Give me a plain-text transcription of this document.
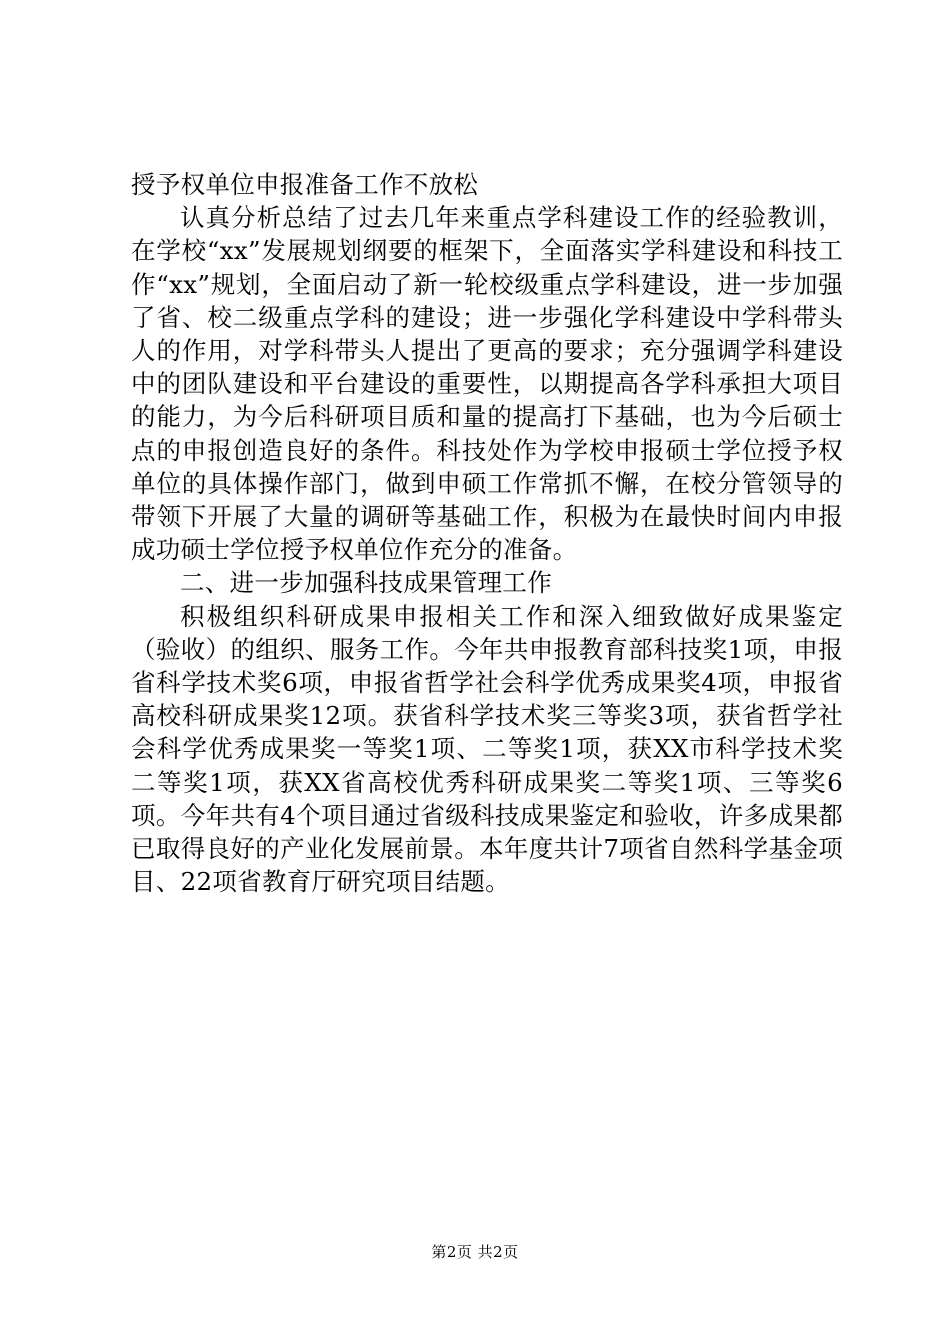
授予权单位申报准备工作不放松

认真分析总结了过去几年来重点学科建设工作的经验教训，在学校“xx”发展规划纲要的框架下，全面落实学科建设和科技工作“xx”规划，全面启动了新一轮校级重点学科建设，进一步加强了省、校二级重点学科的建设；进一步强化学科建设中学科带头人的作用，对学科带头人提出了更高的要求；充分强调学科建设中的团队建设和平台建设的重要性，以期提高各学科承担大项目的能力，为今后科研项目质和量的提高打下基础，也为今后硕士点的申报创造良好的条件。科技处作为学校申报硕士学位授予权单位的具体操作部门，做到申硕工作常抓不懈，在校分管领导的带领下开展了大量的调研等基础工作，积极为在最快时间内申报成功硕士学位授予权单位作充分的准备。

二、进一步加强科技成果管理工作

积极组织科研成果申报相关工作和深入细致做好成果鉴定（验收）的组织、服务工作。今年共申报教育部科技奖1项，申报省科学技术奖6项，申报省哲学社会科学优秀成果奖4项，申报省高校科研成果奖12项。获省科学技术奖三等奖3项，获省哲学社会科学优秀成果奖一等奖1项、二等奖1项，获XX市科学技术奖二等奖1项，获XX省高校优秀科研成果奖二等奖1项、三等奖6项。今年共有4个项目通过省级科技成果鉴定和验收，许多成果都已取得良好的产业化发展前景。本年度共计7项省自然科学基金项目、22项省教育厅研究项目结题。

第2页 共2页
